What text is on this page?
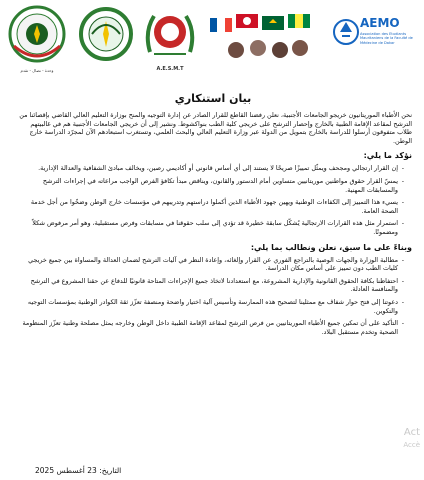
وحدة - نضال - تقدم	A.E.S.M.T
AEMO
Association des Etudiants Mauritaniens de la Faculté de Médecine de Dakar
بيان استنكاري

نحن الأطباء الموريتانيون خريجو الجامعات الأجنبية، نعلن رفضنا القاطع للقرار الصادر عن إدارة التوجيه والمنح بوزارة التعليم العالي القاضي بإقصائنا من الترشح لمقاعد الإقامة الطبية بالخارج وإحصار الترشح على خريجي كلية الطب بنواكشوط. ونشير إلى أن خريجي الجامعات الأجنبية هم في غالبيتهم طلاب متفوقون أرسلوا للدراسة بالخارج بتمويل من الدولة عبر وزارة التعليم العالي والبحث العلمي، وتستغرب استبعادهم الآن لمجرّد الدراسة خارج الوطن.

نؤكد ما يلي:
-
إن القرار ارتجالي ومجحف ويمثّل تمييزًا صريحًا لا يستند إلى أي أساس قانوني أو أكاديمي رصين، ويخالف مبادئ الشفافية والعدالة الإدارية.
-
يمسّ القرار حقوق مواطنين موريتانيين متساوين أمام الدستور والقانون، ويناقض مبدأ تكافؤ الفرص الواجب مراعاته في إجراءات الترشح والمسابقات المهنية.
-
يسيء هذا التمييز إلى الكفاءات الوطنية ويهين جهود الأطباء الذين أكملوا دراستهم وتدريبهم في مؤسسات خارج الوطن وضحّوا من أجل خدمة الصحة العامة.
-
استمرار مثل هذه القرارات الارتجالية يُشكّل سابقة خطيرة قد تؤدي إلى سلب حقوقنا في مسابقات وفرص مستقبلية، وهو أمر مرفوض شكلاً ومضمونًا.
وبناءً على ما سبق، نعلن ونطالب بما يلي:
-
مطالبة الوزارة والجهات الوصية بالتراجع الفوري عن القرار وإلغائه، وإعادة النظر في آليات الترشح لضمان العدالة والمساواة بين جميع خريجي كليات الطب دون تمييز على أساس مكان الدراسة.
-
احتفاظنا بكافة الحقوق القانونية والإدارية المشروعة، مع استعدادنا لاتخاذ جميع الإجراءات المتاحة قانونيًا للدفاع عن حقنا المشروع في الترشح والمنافسة العادلة.
-
دعوتنا إلى فتح حوار شفاف مع ممثلينا لتصحيح هذه الممارسة وتأسيس آلية اختيار واضحة ومنصفة تعزّز ثقة الكوادر الوطنية بمؤسسات التوجيه والتكوين.
-
التأكيد على أن تمكين جميع الأطباء الموريتانيين من فرص الترشح لمقاعد الإقامة الطبية داخل الوطن وخارجه يمثل مصلحة وطنية تعزّز المنظومة الصحية وتخدم مستقبل البلاد.
Act
Accè
التاريخ: 23 أغسطس 2025
